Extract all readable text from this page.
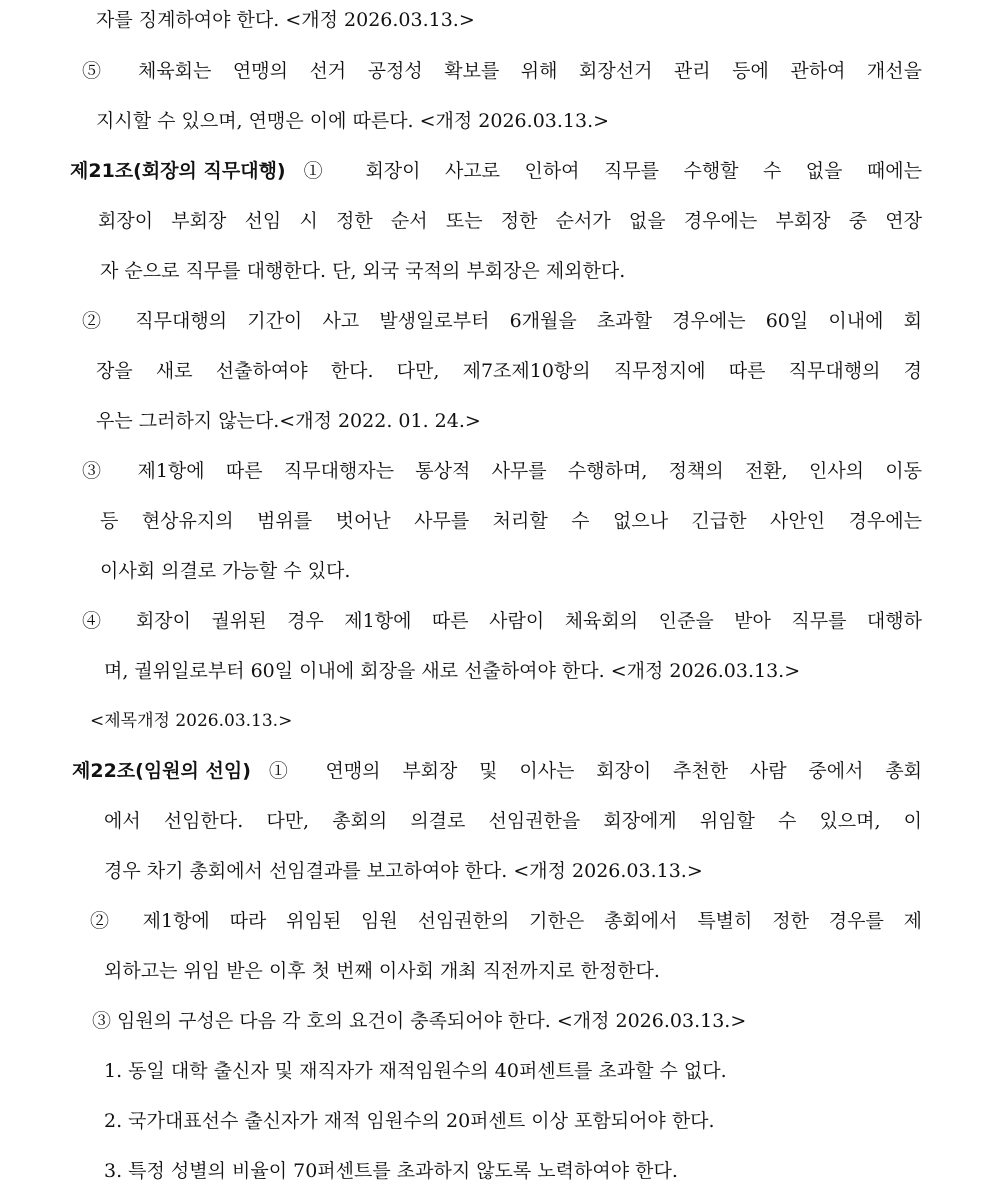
자를 징계하여야 한다. <개정 2026.03.13.>
⑤ 체육회는 연맹의 선거 공정성 확보를 위해 회장선거 관리 등에 관하여 개선을
지시할 수 있으며, 연맹은 이에 따른다. <개정 2026.03.13.>
제21조(회장의 직무대행) ① 회장이 사고로 인하여 직무를 수행할 수 없을 때에는
회장이 부회장 선임 시 정한 순서 또는 정한 순서가 없을 경우에는 부회장 중 연장
자 순으로 직무를 대행한다. 단, 외국 국적의 부회장은 제외한다.
② 직무대행의 기간이 사고 발생일로부터 6개월을 초과할 경우에는 60일 이내에 회
장을 새로 선출하여야 한다. 다만, 제7조제10항의 직무정지에 따른 직무대행의 경
우는 그러하지 않는다.<개정 2022. 01. 24.>
③ 제1항에 따른 직무대행자는 통상적 사무를 수행하며, 정책의 전환, 인사의 이동
등 현상유지의 범위를 벗어난 사무를 처리할 수 없으나 긴급한 사안인 경우에는
이사회 의결로 가능할 수 있다.
④ 회장이 궐위된 경우 제1항에 따른 사람이 체육회의 인준을 받아 직무를 대행하
며, 궐위일로부터 60일 이내에 회장을 새로 선출하여야 한다. <개정 2026.03.13.>
<제목개정 2026.03.13.>
제22조(임원의 선임) ① 연맹의 부회장 및 이사는 회장이 추천한 사람 중에서 총회
에서 선임한다. 다만, 총회의 의결로 선임권한을 회장에게 위임할 수 있으며, 이
경우 차기 총회에서 선임결과를 보고하여야 한다. <개정 2026.03.13.>
② 제1항에 따라 위임된 임원 선임권한의 기한은 총회에서 특별히 정한 경우를 제
외하고는 위임 받은 이후 첫 번째 이사회 개최 직전까지로 한정한다.
③ 임원의 구성은 다음 각 호의 요건이 충족되어야 한다. <개정 2026.03.13.>
1. 동일 대학 출신자 및 재직자가 재적임원수의 40퍼센트를 초과할 수 없다.
2. 국가대표선수 출신자가 재적 임원수의 20퍼센트 이상 포함되어야 한다.
3. 특정 성별의 비율이 70퍼센트를 초과하지 않도록 노력하여야 한다.
